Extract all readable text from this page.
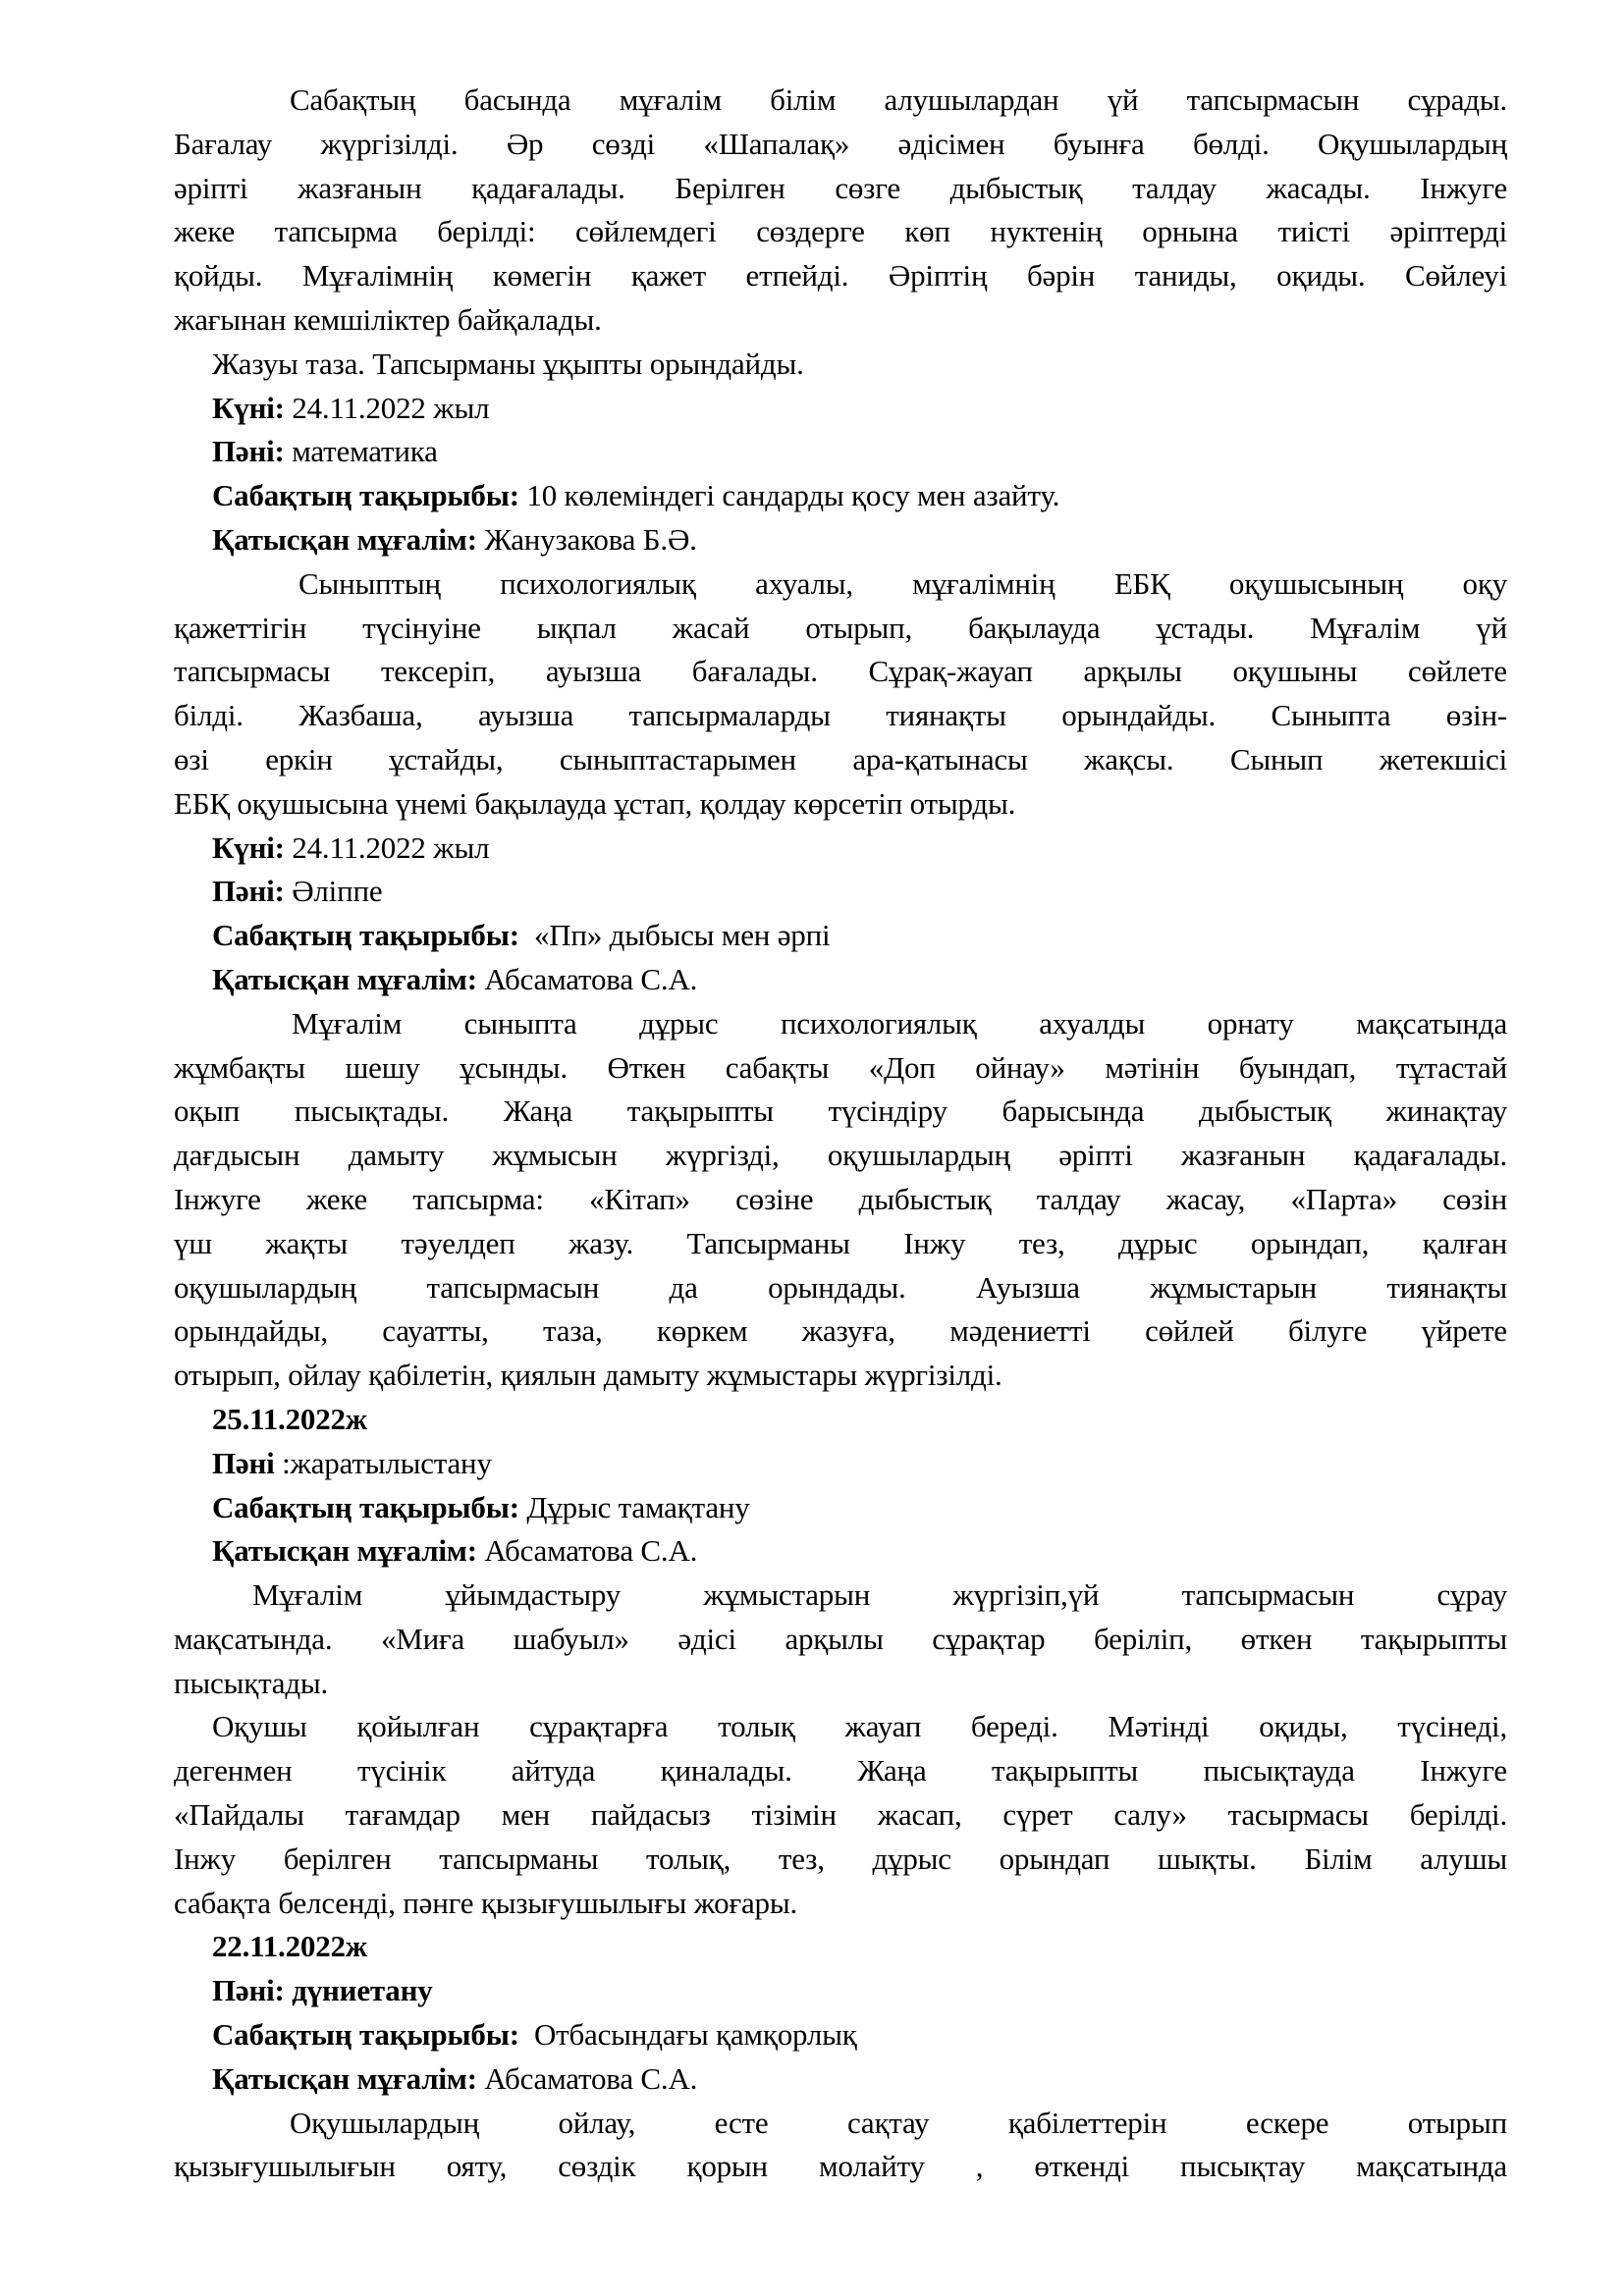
Сабақтың басында мұғалім білім алушылардан үй тапсырмасын сұрады.
Бағалау жүргізілді. Әр сөзді «Шапалақ» әдісімен буынға бөлді. Оқушылардың
әріпті жазғанын қадағалады. Берілген сөзге дыбыстық талдау жасады. Інжуге
жеке тапсырма берілді: сөйлемдегі сөздерге көп нуктенің орнына тиісті әріптерді
қойды. Мұғалімнің көмегін қажет етпейді. Әріптің бәрін таниды, оқиды. Сөйлеуі
жағынан кемшіліктер байқалады.
Жазуы таза. Тапсырманы ұқыпты орындайды.
Күні: 24.11.2022 жыл
Пәні: математика
Сабақтың тақырыбы: 10 көлеміндегі сандарды қосу мен азайту.
Қатысқан мұғалім: Жанузакова Б.Ә.
Сыныптың психологиялық ахуалы, мұғалімнің ЕБҚ оқушысының оқу
қажеттігін түсінуіне ықпал жасай отырып, бақылауда ұстады. Мұғалім үй
тапсырмасы тексеріп, ауызша бағалады. Сұрақ-жауап арқылы оқушыны сөйлете
білді. Жазбаша, ауызша тапсырмаларды тиянақты орындайды. Сыныпта өзін-
өзі еркін ұстайды, сыныптастарымен ара-қатынасы жақсы. Сынып жетекшісі
ЕБҚ оқушысына үнемі бақылауда ұстап, қолдау көрсетіп отырды.
Күні: 24.11.2022 жыл
Пәні: Әліппе
Сабақтың тақырыбы:  «Пп» дыбысы мен әрпі
Қатысқан мұғалім: Абсаматова С.А.
Мұғалім сыныпта дұрыс психологиялық ахуалды орнату мақсатында
жұмбақты шешу ұсынды. Өткен сабақты «Доп ойнау» мәтінін буындап, тұтастай
оқып пысықтады. Жаңа тақырыпты түсіндіру барысында дыбыстық жинақтау
дағдысын дамыту жұмысын жүргізді, оқушылардың әріпті жазғанын қадағалады.
Інжуге жеке тапсырма: «Кітап» сөзіне дыбыстық талдау жасау, «Парта» сөзін
үш жақты тәуелдеп жазу. Тапсырманы Інжу тез, дұрыс орындап, қалған
оқушылардың тапсырмасын да орындады. Ауызша жұмыстарын тиянақты
орындайды, сауатты, таза, көркем жазуға, мәдениетті сөйлей білуге үйрете
отырып, ойлау қабілетін, қиялын дамыту жұмыстары жүргізілді.
25.11.2022ж
Пәні :жаратылыстану
Сабақтың тақырыбы: Дұрыс тамақтану
Қатысқан мұғалім: Абсаматова С.А.
Мұғалім ұйымдастыру жұмыстарын жүргізіп,үй тапсырмасын сұрау
мақсатында. «Миға шабуыл» әдісі арқылы сұрақтар беріліп, өткен тақырыпты
пысықтады.
Оқушы қойылған сұрақтарға толық жауап береді. Мәтінді оқиды, түсінеді,
дегенмен түсінік айтуда қиналады. Жаңа тақырыпты пысықтауда Інжуге
«Пайдалы тағамдар мен пайдасыз тізімін жасап, сүрет салу» тасырмасы берілді.
Інжу берілген тапсырманы толық, тез, дұрыс орындап шықты. Білім алушы
сабақта белсенді, пәнге қызығушылығы жоғары.
22.11.2022ж
Пәні: дүниетану
Сабақтың тақырыбы:  Отбасындағы қамқорлық
Қатысқан мұғалім: Абсаматова С.А.
Оқушылардың ойлау, есте сақтау қабілеттерін ескере отырып
қызығушылығын ояту, сөздік қорын молайту , өткенді пысықтау мақсатында
